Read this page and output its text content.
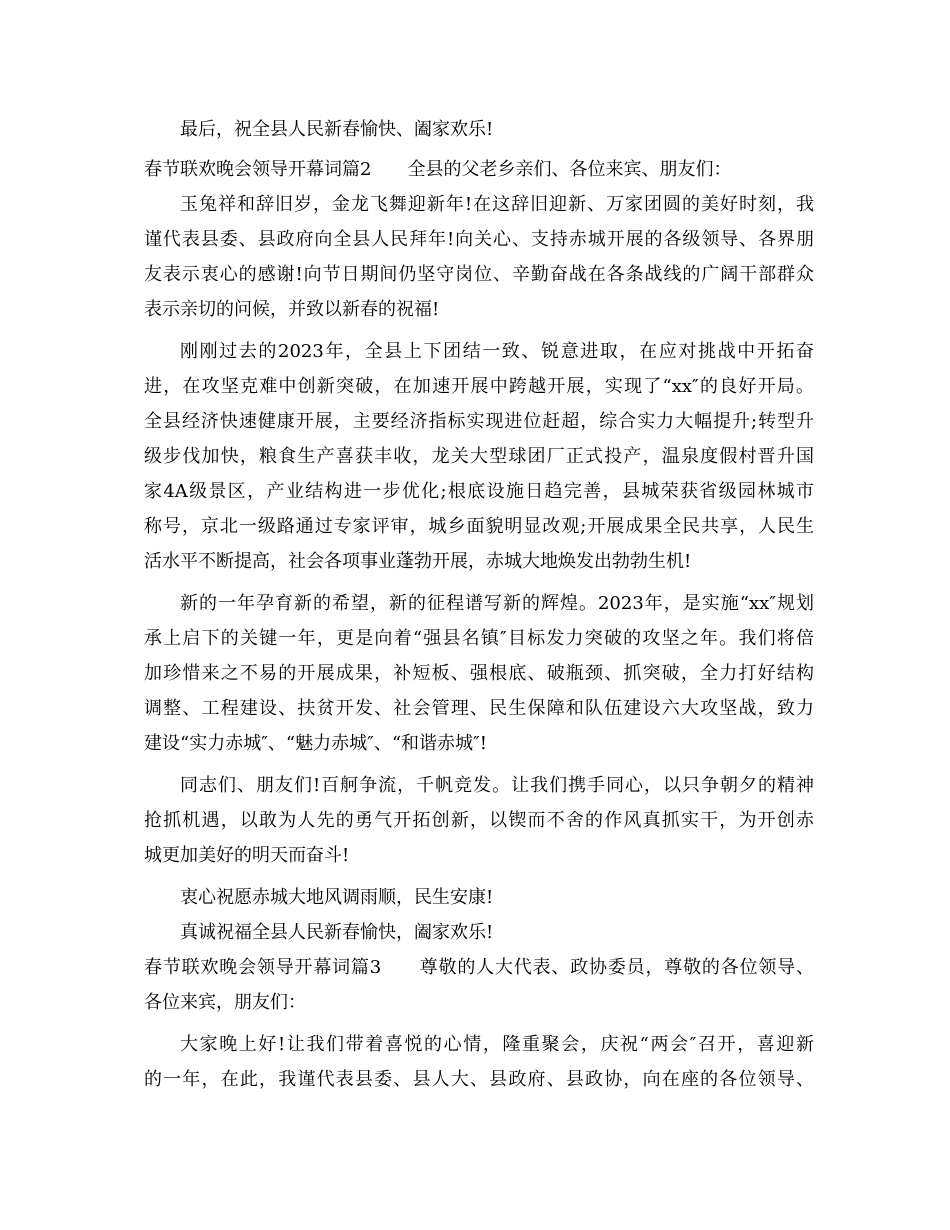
最后，祝全县人民新春愉快、阖家欢乐!
春节联欢晚会领导开幕词篇2　　全县的父老乡亲们、各位来宾、朋友们：
玉兔祥和辞旧岁，金龙飞舞迎新年!在这辞旧迎新、万家团圆的美好时刻，我
谨代表县委、县政府向全县人民拜年!向关心、支持赤城开展的各级领导、各界朋
友表示衷心的感谢!向节日期间仍坚守岗位、辛勤奋战在各条战线的广阔干部群众
表示亲切的问候，并致以新春的祝福!
刚刚过去的2023年，全县上下团结一致、锐意进取，在应对挑战中开拓奋
进，在攻坚克难中创新突破，在加速开展中跨越开展，实现了“xx″的良好开局。
全县经济快速健康开展，主要经济指标实现进位赶超，综合实力大幅提升;转型升
级步伐加快，粮食生产喜获丰收，龙关大型球团厂正式投产，温泉度假村晋升国
家4A级景区，产业结构进一步优化;根底设施日趋完善，县城荣获省级园林城市
称号，京北一级路通过专家评审，城乡面貌明显改观;开展成果全民共享，人民生
活水平不断提高，社会各项事业蓬勃开展，赤城大地焕发出勃勃生机!
新的一年孕育新的希望，新的征程谱写新的辉煌。2023年，是实施“xx″规划
承上启下的关键一年，更是向着“强县名镇″目标发力突破的攻坚之年。我们将倍
加珍惜来之不易的开展成果，补短板、强根底、破瓶颈、抓突破，全力打好结构
调整、工程建设、扶贫开发、社会管理、民生保障和队伍建设六大攻坚战，致力
建设“实力赤城″、“魅力赤城″、“和谐赤城″!
同志们、朋友们!百舸争流，千帆竞发。让我们携手同心，以只争朝夕的精神
抢抓机遇，以敢为人先的勇气开拓创新，以锲而不舍的作风真抓实干，为开创赤
城更加美好的明天而奋斗!
衷心祝愿赤城大地风调雨顺，民生安康!
真诚祝福全县人民新春愉快，阖家欢乐!
春节联欢晚会领导开幕词篇3　　尊敬的人大代表、政协委员，尊敬的各位领导、
各位来宾，朋友们：
大家晚上好!让我们带着喜悦的心情，隆重聚会，庆祝“两会″召开，喜迎新
的一年，在此，我谨代表县委、县人大、县政府、县政协，向在座的各位领导、
